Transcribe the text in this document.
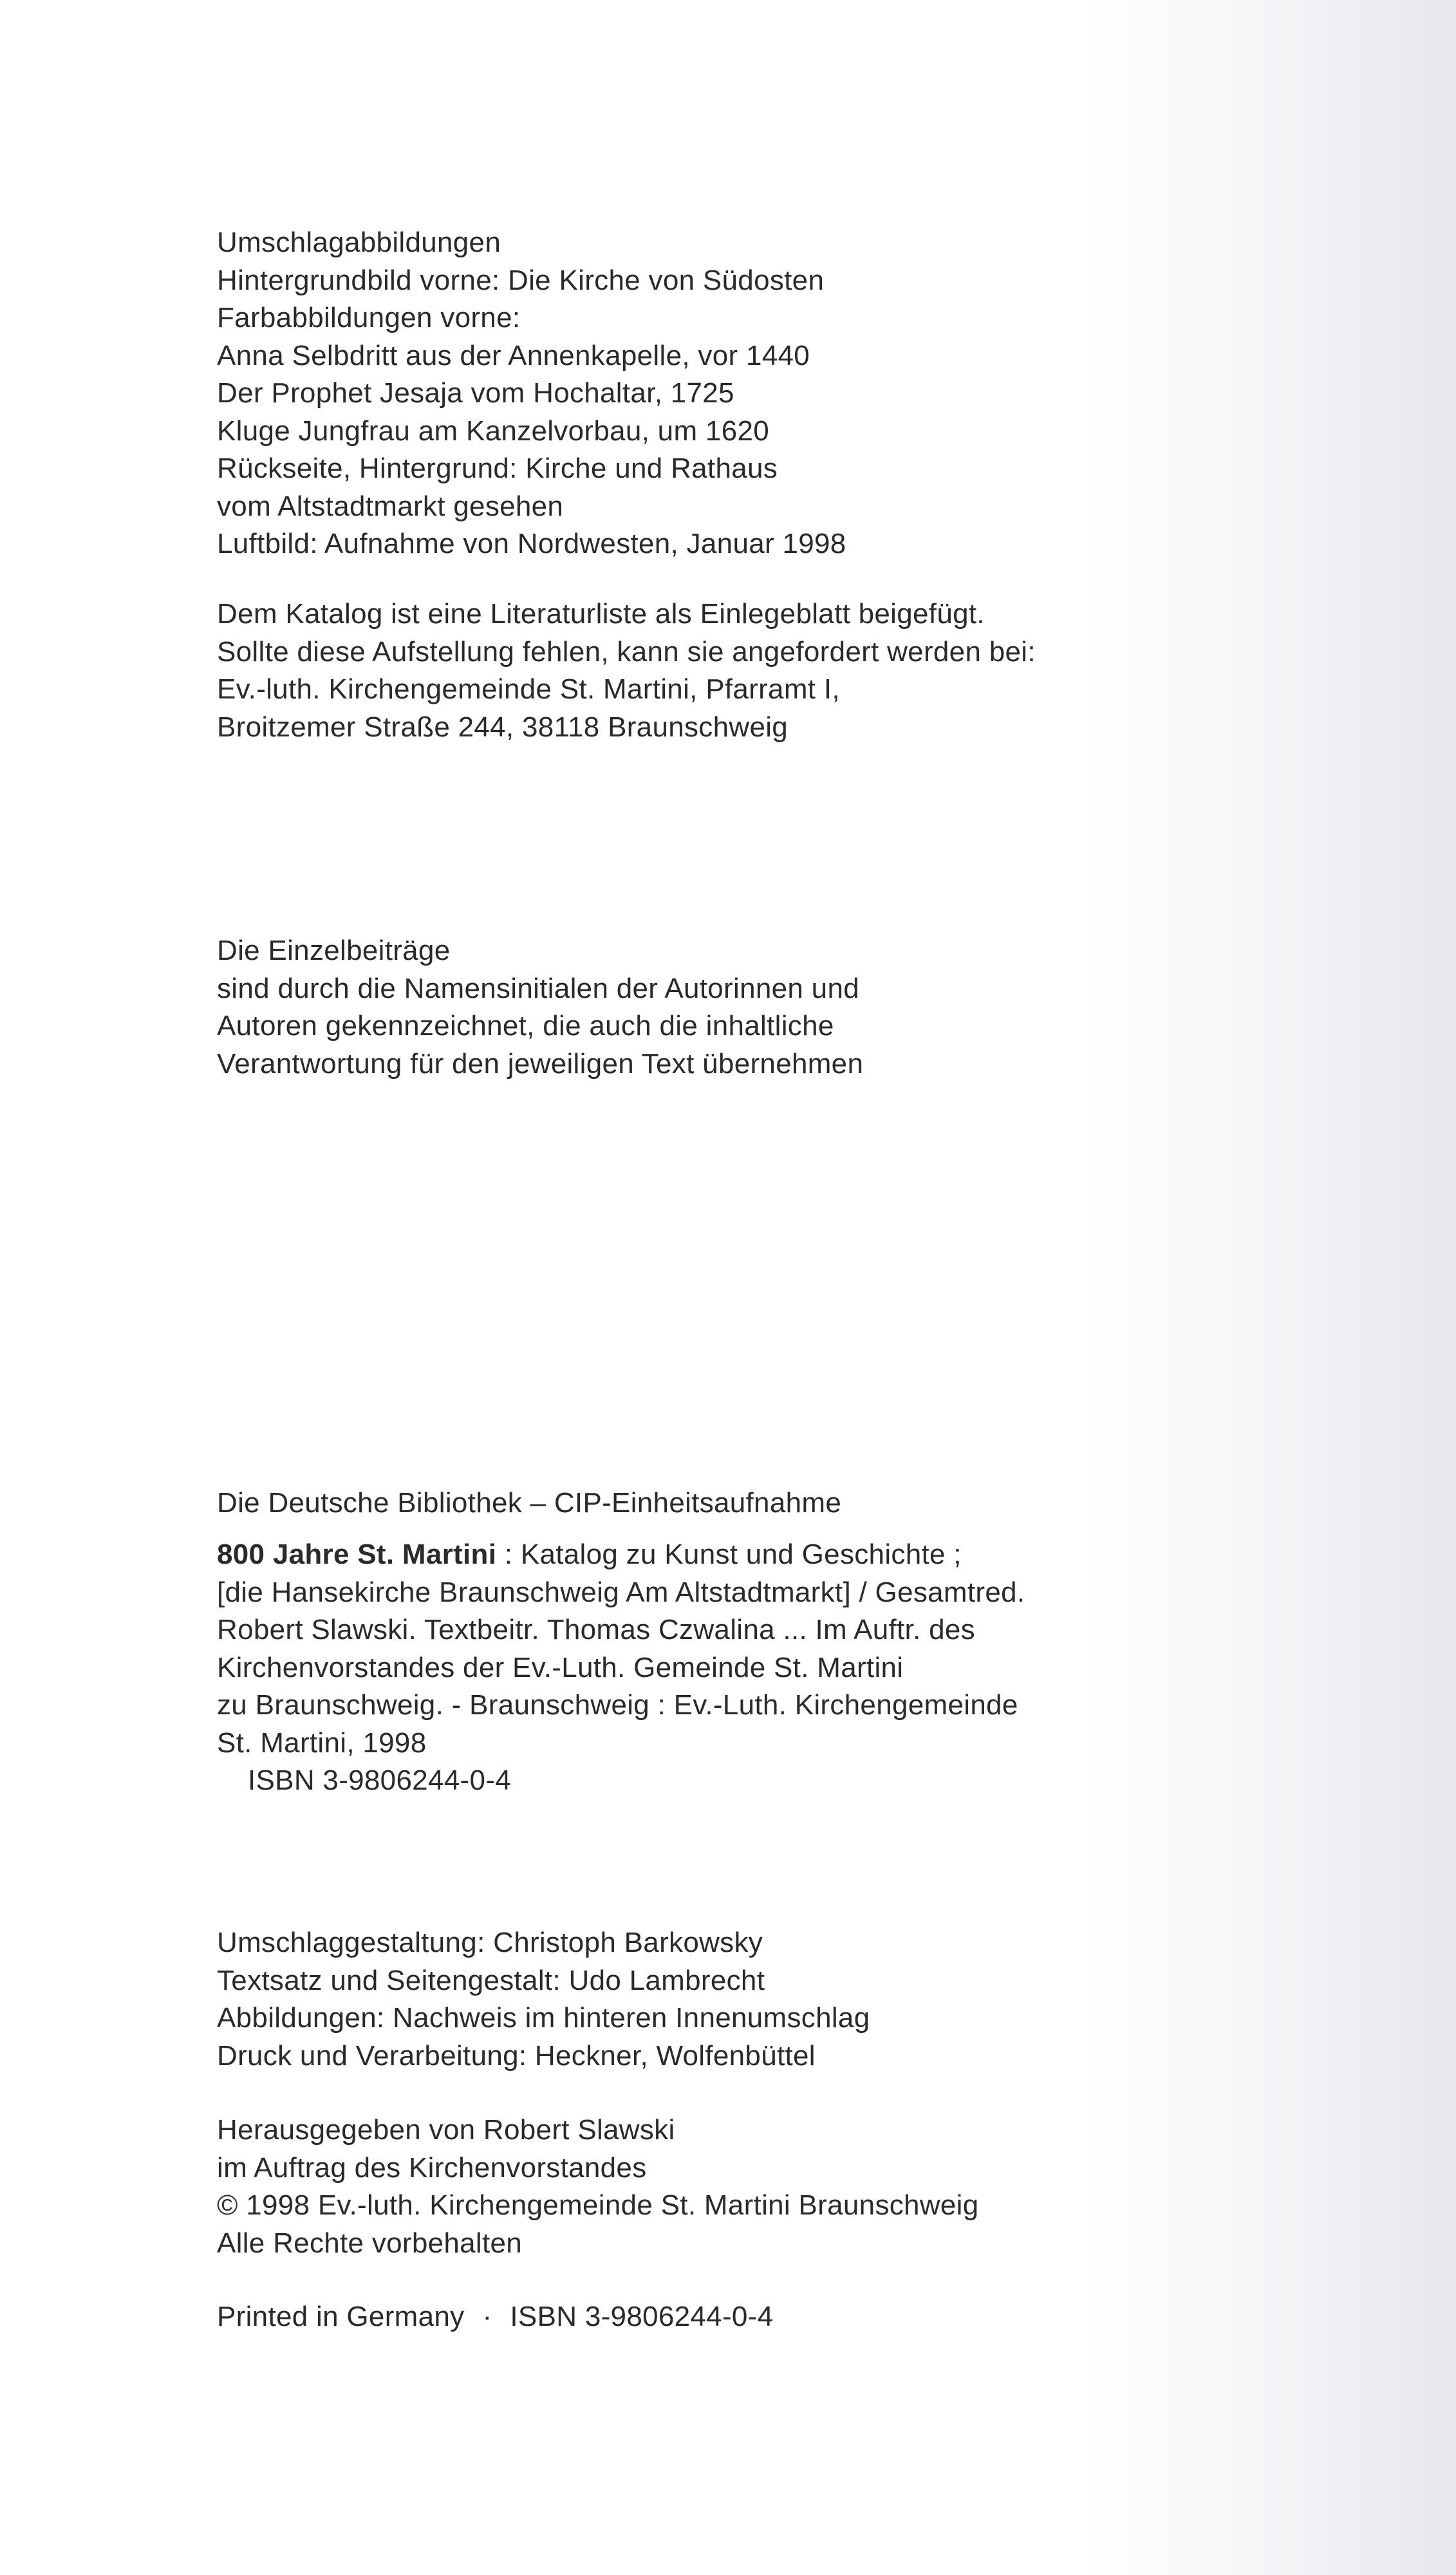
Umschlagabbildungen
Hintergrundbild vorne: Die Kirche von Südosten
Farbabbildungen vorne:
Anna Selbdritt aus der Annenkapelle, vor 1440
Der Prophet Jesaja vom Hochaltar, 1725
Kluge Jungfrau am Kanzelvorbau, um 1620
Rückseite, Hintergrund: Kirche und Rathaus
vom Altstadtmarkt gesehen
Luftbild: Aufnahme von Nordwesten, Januar 1998
Dem Katalog ist eine Literaturliste als Einlegeblatt beigefügt.
Sollte diese Aufstellung fehlen, kann sie angefordert werden bei:
Ev.-luth. Kirchengemeinde St. Martini, Pfarramt I,
Broitzemer Straße 244, 38118 Braunschweig
Die Einzelbeiträge
sind durch die Namensinitialen der Autorinnen und
Autoren gekennzeichnet, die auch die inhaltliche
Verantwortung für den jeweiligen Text übernehmen
Die Deutsche Bibliothek – CIP-Einheitsaufnahme
800 Jahre St. Martini : Katalog zu Kunst und Geschichte ;
[die Hansekirche Braunschweig Am Altstadtmarkt] / Gesamtred.
Robert Slawski. Textbeitr. Thomas Czwalina ... Im Auftr. des
Kirchenvorstandes der Ev.-Luth. Gemeinde St. Martini
zu Braunschweig. - Braunschweig : Ev.-Luth. Kirchengemeinde
St. Martini, 1998
ISBN 3-9806244-0-4
Umschlaggestaltung: Christoph Barkowsky
Textsatz und Seitengestalt: Udo Lambrecht
Abbildungen: Nachweis im hinteren Innenumschlag
Druck und Verarbeitung: Heckner, Wolfenbüttel
Herausgegeben von Robert Slawski
im Auftrag des Kirchenvorstandes
© 1998 Ev.-luth. Kirchengemeinde St. Martini Braunschweig
Alle Rechte vorbehalten
Printed in Germany · ISBN 3-9806244-0-4
